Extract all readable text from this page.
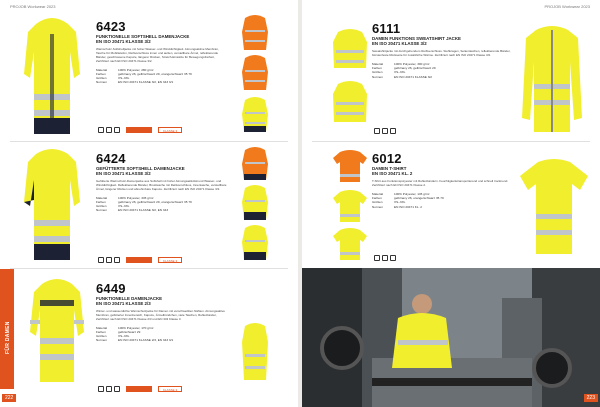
PROJOB Workwear 2023
6423
FUNKTIONELLE SOFTSHELL DAMENJACKE
EN ISO 20471 KLASSE 3/2
Warnschutz-Softshelljacke mit hoher Wasser- und Winddichtigkeit. Atmungsaktive Membran, Tasche für Mobiltelefon, Reißverschluss innen und außen, verstellbare Ärmel, reflektierende Bänder, geschlossene Kapuze, längerer Rücken, Stretch-Einsätze für Bewegungsfreiheit, Zertifiziert nach EN ISO 20471 Klasse 3/2.
Material	100% Polyester, 280 g/m²
Farben	gelb/navy 26, gelb/schwarz 29, orange/schwarz 35 79
Größen	XS–3XL
Normen	EN ISO 20471 KLASSE 3/2, EN 343 3/1
KLASSE 3
6424
GEFÜTTERTE SOFTSHELL DAMENJACKE
EN ISO 20471 KLASSE 3/2
Gefütterte Warnschutz-Damenjacke aus Softshell mit hoher Atmungsaktivität und Wasser- und Winddichtigkeit. Reflektierende Bänder, Brusttasche mit Reißverschluss, Innentasche, verstellbare Ärmel, längerer Rücken und abnehmbare Kapuze. Zertifiziert nach EN ISO 20471 Klasse 3/2.
Material	100% Polyester, 345 g/m²
Farben	gelb/navy 26, gelb/schwarz 29, orange/schwarz 35 79
Größen	XS–3XL
Normen	EN ISO 20471 KLASSE 3/2, EN 343
KLASSE 3
6449
FUNKTIONELLE DAMENJACKE
EN ISO 20471 KLASSE 2/3
Winter- und wasserdichte Warnschutzjacke für Damen mit verschweißten Nähten. Atmungsaktive Membran, gefütterter Innenbereich, Kapuze, Ärmelbündchen, viele Taschen, Reflexbänder, Zertifiziert nach EN ISO 20471 Klasse 2/3 und EN 343 Klasse 3.
Material	100% Polyester, 170 g/m²
Farben	gelb/schwarz 29
Größen	XS–3XL
Normen	EN ISO 20471 KLASSE 2/3, EN 343 3/1
KLASSE 3
FÜR DAMEN
222
PROJOB Workwear 2023
6111
DAMEN FUNKTIONS SWEATSHIRT JACKE
EN ISO 20471 KLASSE 3/2
Sweatshirtjacke mit durchgehendem Reißverschluss. Stehkragen, Seitentaschen, reflektierende Bänder, bürstenfeste Rückseite für zusätzliche Wärme. Zertifiziert nach EN ISO 20471 Klasse 3/2.
Material	100% Polyester, 300 g/m²
Farben	gelb/navy 26, gelb/schwarz 29
Größen	XS–3XL
Normen	EN ISO 20471 KLASSE 3/2
6012
DAMEN T-SHIRT
EN ISO 20471 KL. 2
T-Shirt aus Funktionspolyester mit Reflexbändern. Feuchtigkeitstransportierend und schnell trocknend. Zertifiziert nach EN ISO 20471 Klasse 2.
Material	100% Polyester, 145 g/m²
Farben	gelb/navy 26, orange/schwarz 35 79
Größen	XS–3XL
Normen	EN ISO 20471 KL. 2
223
